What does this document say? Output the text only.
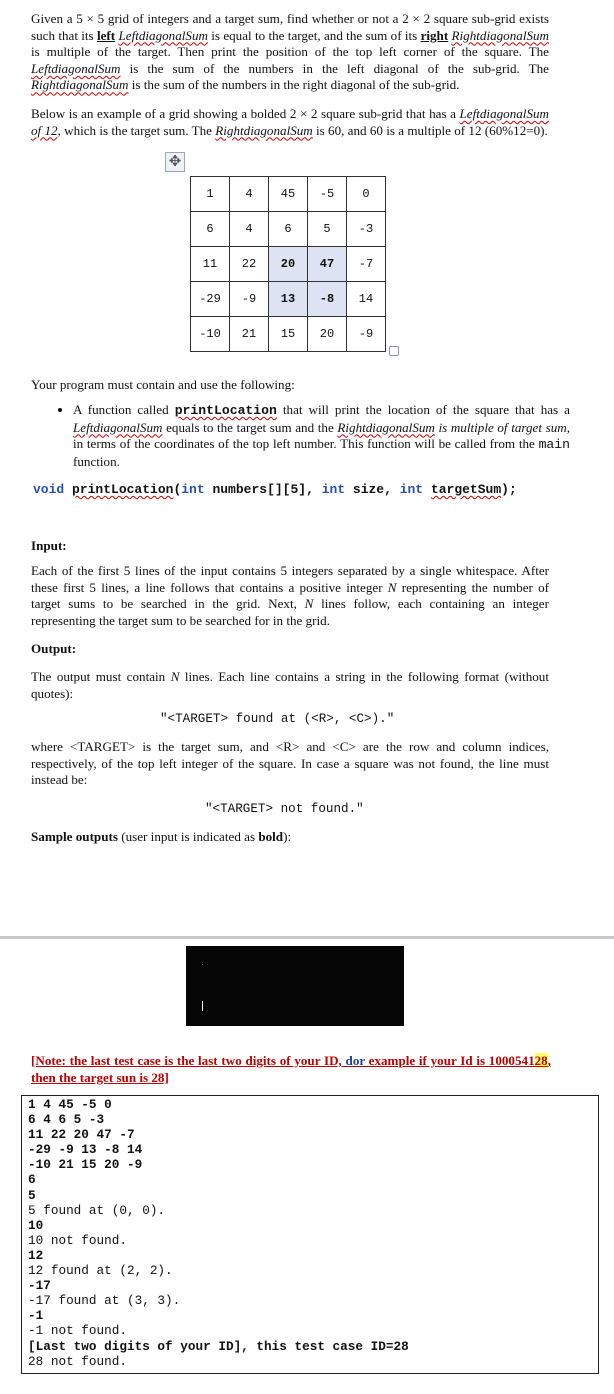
Given a 5 × 5 grid of integers and a target sum, find whether or not a 2 × 2 square sub-grid exists such that its left LeftdiagonalSum is equal to the target, and the sum of its right RightdiagonalSum is multiple of the target. Then print the position of the top left corner of the square. The LeftdiagonalSum is the sum of the numbers in the left diagonal of the sub-grid. The RightdiagonalSum is the sum of the numbers in the right diagonal of the sub-grid.

Below is an example of a grid showing a bolded 2 × 2 square sub-grid that has a LeftdiagonalSum of 12, which is the target sum. The RightdiagonalSum is 60, and 60 is a multiple of 12 (60%12=0).

✥
1	4	45	-5	0
6	4	6	5	-3
11	22	20	47	-7
-29	-9	13	-8	14
-10	21	15	20	-9

Your program must contain and use the following:

• A function called printLocation that will print the location of the square that has a LeftdiagonalSum equals to the target sum and the RightdiagonalSum is multiple of target sum, in terms of the coordinates of the top left number. This function will be called from the main function.
void printLocation(int numbers[][5], int size, int targetSum);
Input:

Each of the first 5 lines of the input contains 5 integers separated by a single whitespace. After these first 5 lines, a line follows that contains a positive integer N representing the number of target sums to be searched in the grid. Next, N lines follow, each containing an integer representing the target sum to be searched for in the grid.

Output:

The output must contain N lines. Each line contains a string in the following format (without quotes):

"<TARGET> found at (<R>, <C>)."

where <TARGET> is the target sum, and <R> and <C> are the row and column indices, respectively, of the top left integer of the square. In case a square was not found, the line must instead be:

"<TARGET> not found."

Sample outputs (user input is indicated as bold):

[Note: the last test case is the last two digits of your ID, dor example if your Id is 100054128, then the target sun is 28]

1 4 45 -5 0
6 4 6 5 -3
11 22 20 47 -7
-29 -9 13 -8 14
-10 21 15 20 -9
6
5
5 found at (0, 0).
10
10 not found.
12
12 found at (2, 2).
-17
-17 found at (3, 3).
-1
-1 not found.
[Last two digits of your ID], this test case ID=28
28 not found.
